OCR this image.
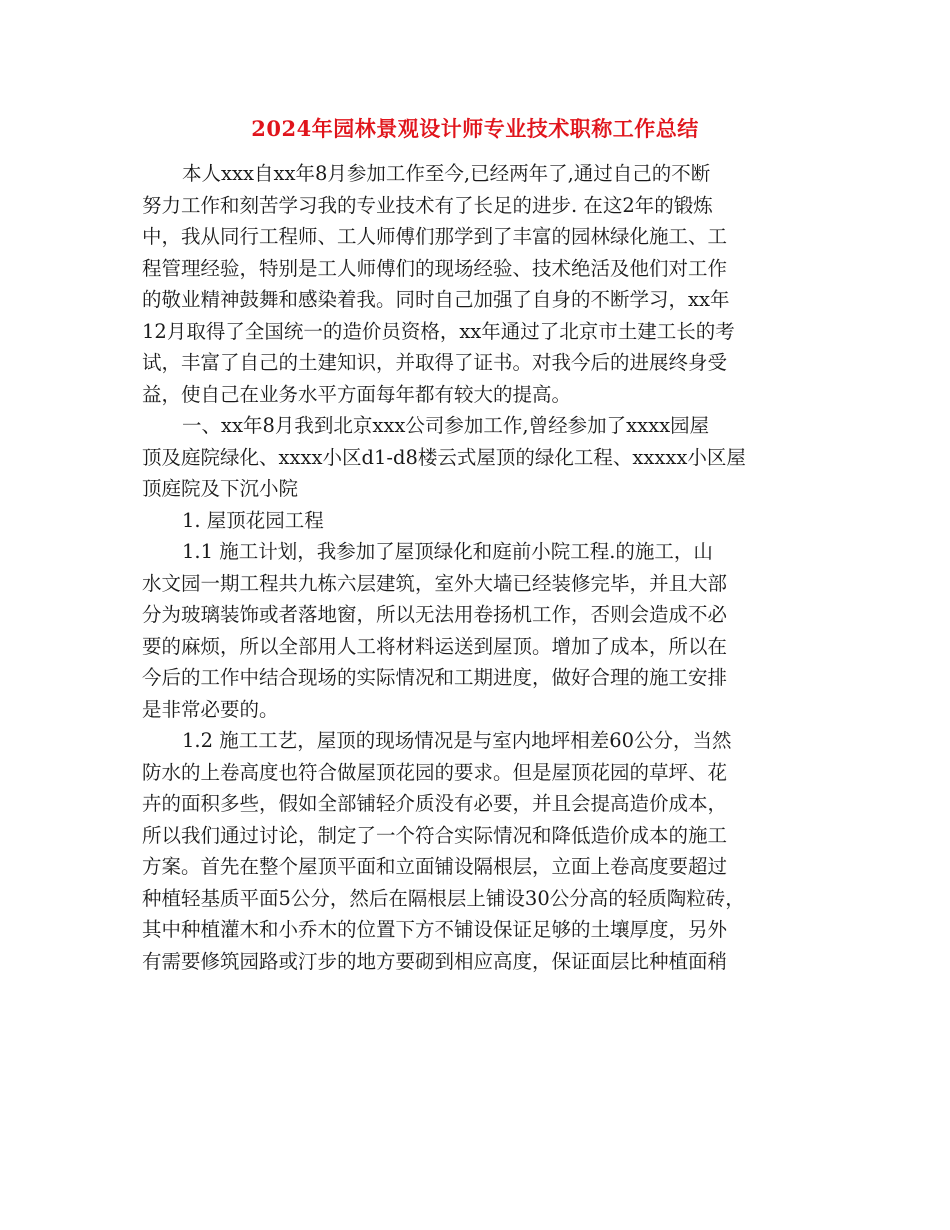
2024年园林景观设计师专业技术职称工作总结
本人xxx自xx年8月参加工作至今,已经两年了,通过自己的不断
努力工作和刻苦学习我的专业技术有了长足的进步. 在这2年的锻炼
中，我从同行工程师、工人师傅们那学到了丰富的园林绿化施工、工
程管理经验，特别是工人师傅们的现场经验、技术绝活及他们对工作
的敬业精神鼓舞和感染着我。同时自己加强了自身的不断学习，xx年
12月取得了全国统一的造价员资格，xx年通过了北京市土建工长的考
试，丰富了自己的土建知识，并取得了证书。对我今后的进展终身受
益，使自己在业务水平方面每年都有较大的提高。
一、xx年8月我到北京xxx公司参加工作,曾经参加了xxxx园屋
顶及庭院绿化、xxxx小区d1-d8楼云式屋顶的绿化工程、xxxxx小区屋
顶庭院及下沉小院
1. 屋顶花园工程
1.1 施工计划，我参加了屋顶绿化和庭前小院工程.的施工，山
水文园一期工程共九栋六层建筑，室外大墙已经装修完毕，并且大部
分为玻璃装饰或者落地窗，所以无法用卷扬机工作，否则会造成不必
要的麻烦，所以全部用人工将材料运送到屋顶。增加了成本，所以在
今后的工作中结合现场的实际情况和工期进度，做好合理的施工安排
是非常必要的。
1.2 施工工艺，屋顶的现场情况是与室内地坪相差60公分，当然
防水的上卷高度也符合做屋顶花园的要求。但是屋顶花园的草坪、花
卉的面积多些，假如全部铺轻介质没有必要，并且会提高造价成本，
所以我们通过讨论，制定了一个符合实际情况和降低造价成本的施工
方案。首先在整个屋顶平面和立面铺设隔根层，立面上卷高度要超过
种植轻基质平面5公分，然后在隔根层上铺设30公分高的轻质陶粒砖，
其中种植灌木和小乔木的位置下方不铺设保证足够的土壤厚度，另外
有需要修筑园路或汀步的地方要砌到相应高度，保证面层比种植面稍
